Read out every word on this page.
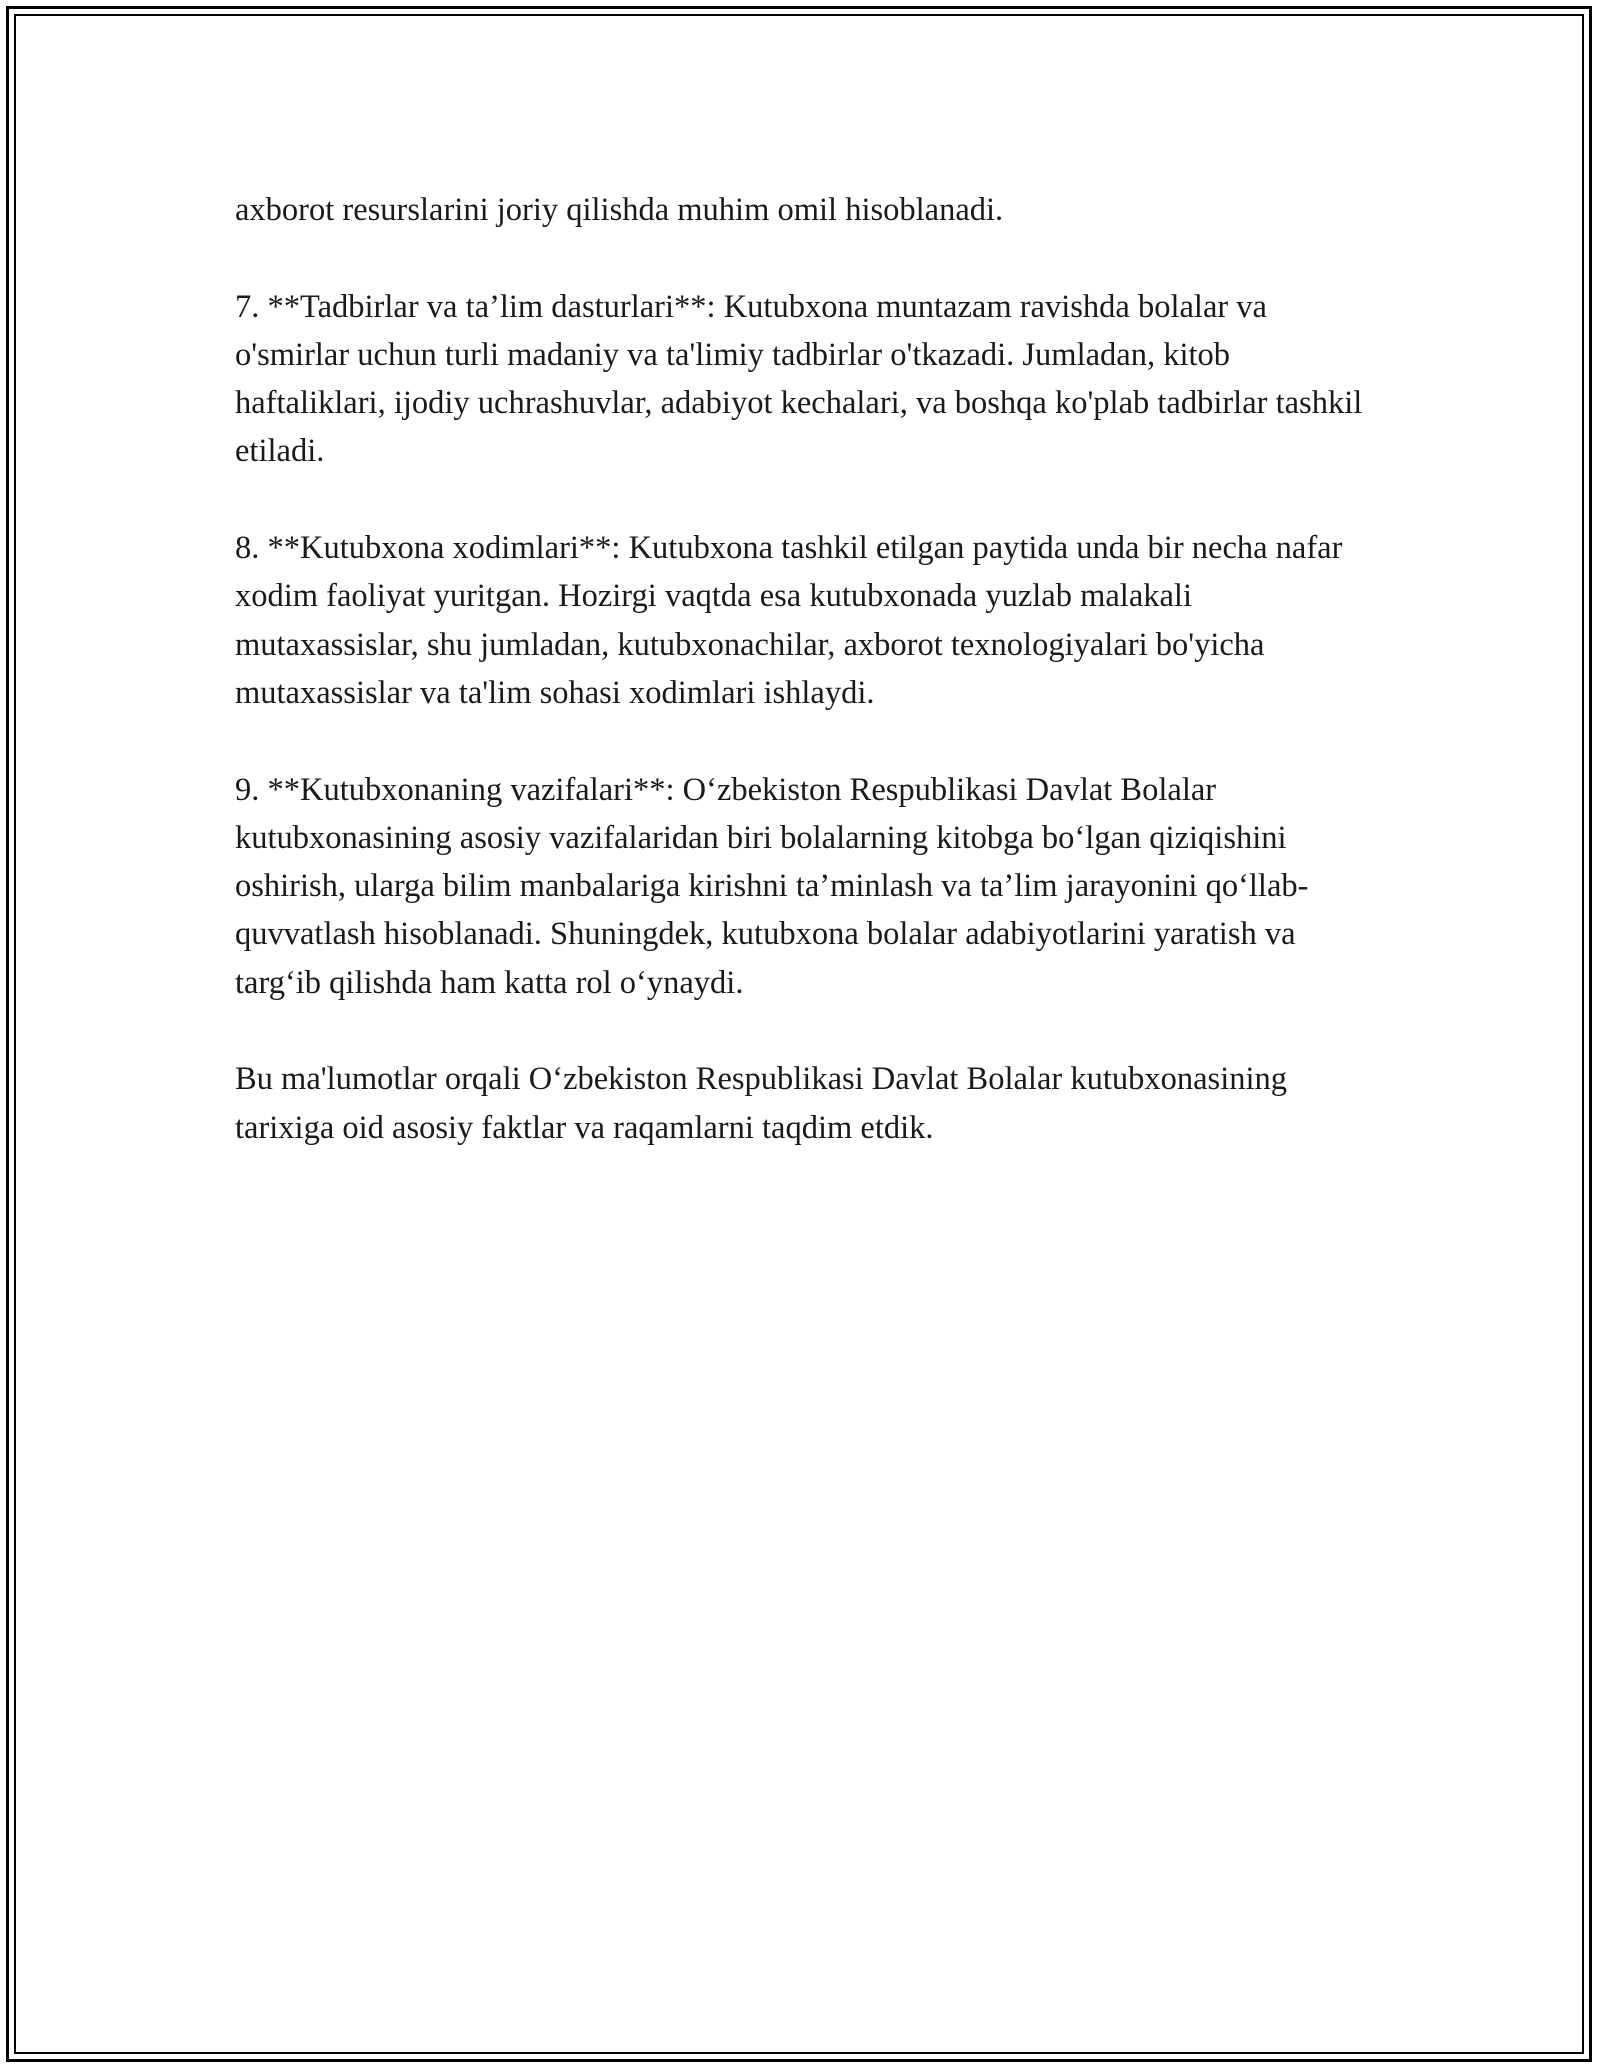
axborot resurslarini joriy qilishda muhim omil hisoblanadi.

7. **Tadbirlar va ta’lim dasturlari**: Kutubxona muntazam ravishda bolalar va o'smirlar uchun turli madaniy va ta'limiy tadbirlar o'tkazadi. Jumladan, kitob haftaliklari, ijodiy uchrashuvlar, adabiyot kechalari, va boshqa ko'plab tadbirlar tashkil etiladi.

8. **Kutubxona xodimlari**: Kutubxona tashkil etilgan paytida unda bir necha nafar xodim faoliyat yuritgan. Hozirgi vaqtda esa kutubxonada yuzlab malakali mutaxassislar, shu jumladan, kutubxonachilar, axborot texnologiyalari bo'yicha mutaxassislar va ta'lim sohasi xodimlari ishlaydi.

9. **Kutubxonaning vazifalari**: O‘zbekiston Respublikasi Davlat Bolalar kutubxonasining asosiy vazifalaridan biri bolalarning kitobga bo‘lgan qiziqishini oshirish, ularga bilim manbalariga kirishni ta’minlash va ta’lim jarayonini qo‘llab-quvvatlash hisoblanadi. Shuningdek, kutubxona bolalar adabiyotlarini yaratish va targ‘ib qilishda ham katta rol o‘ynaydi.

Bu ma'lumotlar orqali O‘zbekiston Respublikasi Davlat Bolalar kutubxonasining tarixiga oid asosiy faktlar va raqamlarni taqdim etdik.
